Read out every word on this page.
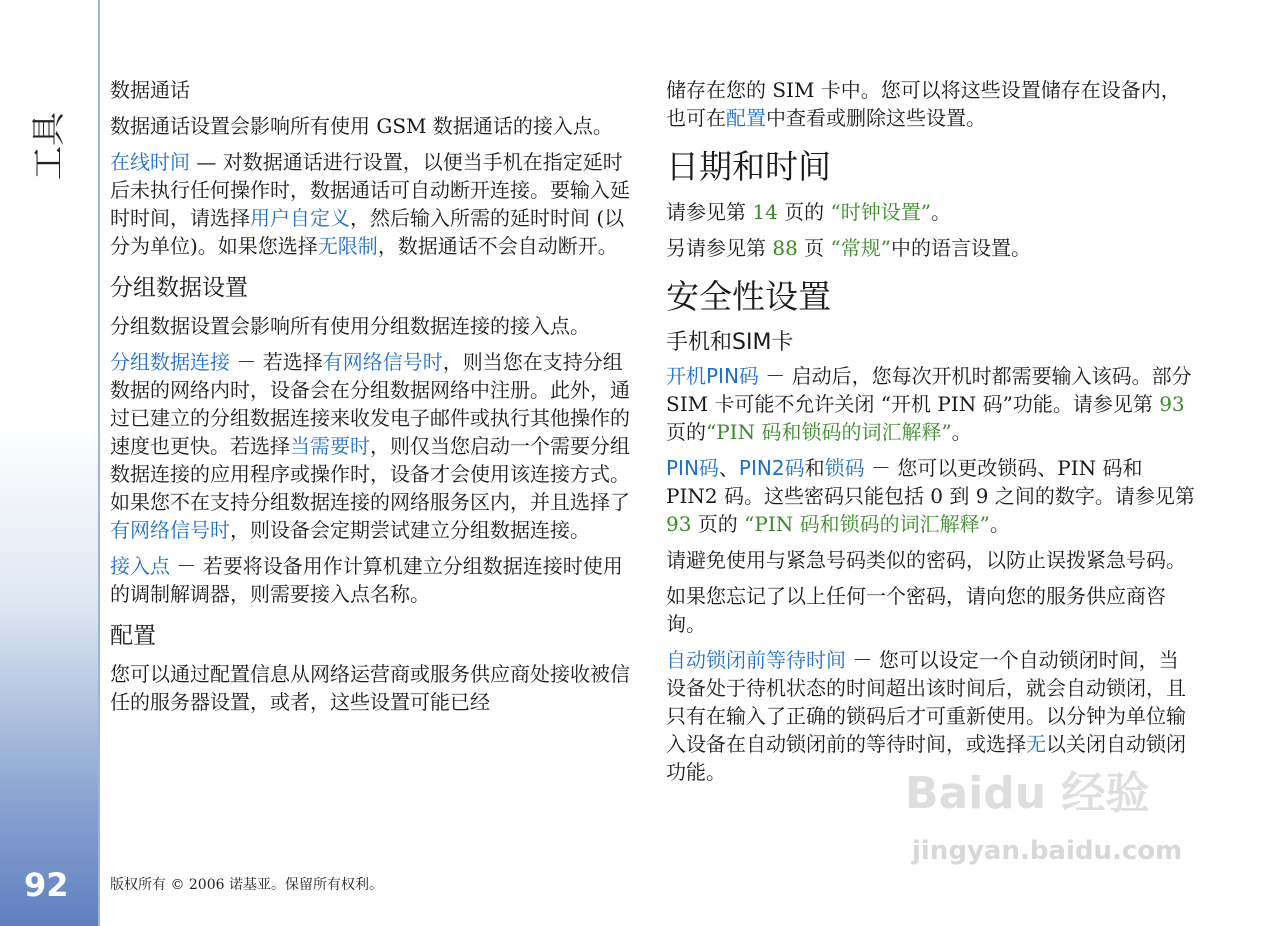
工具
92
数据通话

数据通话设置会影响所有使用 GSM 数据通话的接入点。

在线时间 — 对数据通话进行设置，以便当手机在指定延时后未执行任何操作时，数据通话可自动断开连接。要输入延时时间，请选择用户自定义，然后输入所需的延时时间 (以分为单位)。如果您选择无限制，数据通话不会自动断开。

分组数据设置

分组数据设置会影响所有使用分组数据连接的接入点。

分组数据连接 － 若选择有网络信号时，则当您在支持分组数据的网络内时，设备会在分组数据网络中注册。此外，通过已建立的分组数据连接来收发电子邮件或执行其他操作的速度也更快。若选择当需要时，则仅当您启动一个需要分组数据连接的应用程序或操作时，设备才会使用该连接方式。如果您不在支持分组数据连接的网络服务区内，并且选择了有网络信号时，则设备会定期尝试建立分组数据连接。

接入点 － 若要将设备用作计算机建立分组数据连接时使用的调制解调器，则需要接入点名称。

配置

您可以通过配置信息从网络运营商或服务供应商处接收被信任的服务器设置，或者，这些设置可能已经

储存在您的 SIM 卡中。您可以将这些设置储存在设备内，也可在配置中查看或删除这些设置。

日期和时间

请参见第 14 页的 “时钟设置”。

另请参见第 88 页 “常规”中的语言设置。

安全性设置
手机和SIM卡

开机PIN码 － 启动后，您每次开机时都需要输入该码。部分 SIM 卡可能不允许关闭 “开机 PIN 码”功能。请参见第 93 页的“PIN 码和锁码的词汇解释”。

PIN码、PIN2码和锁码 － 您可以更改锁码、PIN 码和 PIN2 码。这些密码只能包括 0 到 9 之间的数字。请参见第 93 页的 “PIN 码和锁码的词汇解释”。

请避免使用与紧急号码类似的密码，以防止误拨紧急号码。

如果您忘记了以上任何一个密码，请向您的服务供应商咨询。

自动锁闭前等待时间 － 您可以设定一个自动锁闭时间，当设备处于待机状态的时间超出该时间后，就会自动锁闭，且只有在输入了正确的锁码后才可重新使用。以分钟为单位输入设备在自动锁闭前的等待时间，或选择无以关闭自动锁闭功能。

版权所有 © 2006 诺基亚。保留所有权利。
Baidu 经验
jingyan.baidu.com
